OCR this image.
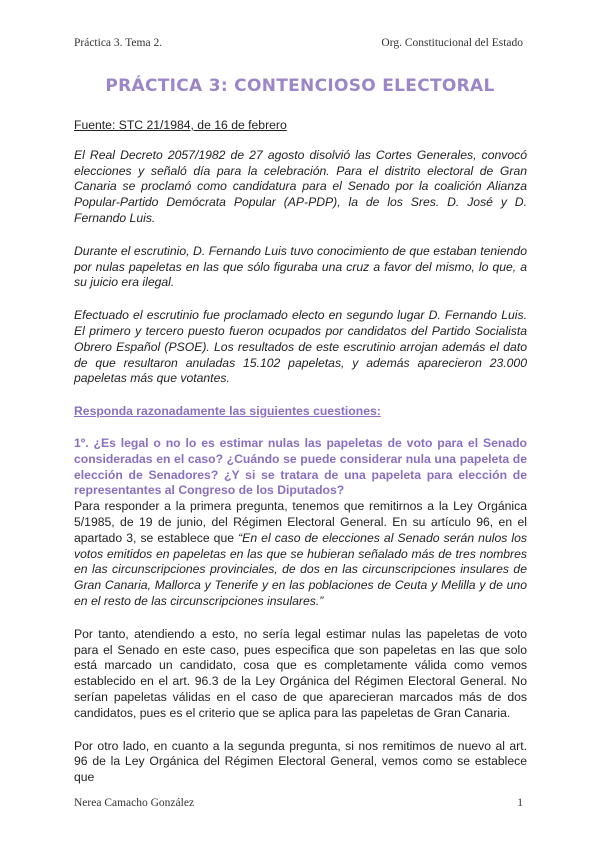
Práctica 3. Tema 2.	Org. Constitucional del Estado
PRÁCTICA 3: CONTENCIOSO ELECTORAL

Fuente: STC 21/1984, de 16 de febrero

El Real Decreto 2057/1982 de 27 agosto disolvió las Cortes Generales, convocó elecciones y señaló día para la celebración. Para el distrito electoral de Gran Canaria se proclamó como candidatura para el Senado por la coalición Alianza Popular-Partido Demócrata Popular (AP-PDP), la de los Sres. D. José y D. Fernando Luis.

Durante el escrutinio, D. Fernando Luis tuvo conocimiento de que estaban teniendo por nulas papeletas en las que sólo figuraba una cruz a favor del mismo, lo que, a su juicio era ilegal.

Efectuado el escrutinio fue proclamado electo en segundo lugar D. Fernando Luis. El primero y tercero puesto fueron ocupados por candidatos del Partido Socialista Obrero Español (PSOE). Los resultados de este escrutinio arrojan además el dato de que resultaron anuladas 15.102 papeletas, y además aparecieron 23.000 papeletas más que votantes.

Responda razonadamente las siguientes cuestiones:

1º. ¿Es legal o no lo es estimar nulas las papeletas de voto para el Senado consideradas en el caso? ¿Cuándo se puede considerar nula una papeleta de elección de Senadores? ¿Y si se tratara de una papeleta para elección de representantes al Congreso de los Diputados?

Para responder a la primera pregunta, tenemos que remitirnos a la Ley Orgánica 5/1985, de 19 de junio, del Régimen Electoral General. En su artículo 96, en el apartado 3, se establece que “En el caso de elecciones al Senado serán nulos los votos emitidos en papeletas en las que se hubieran señalado más de tres nombres en las circunscripciones provinciales, de dos en las circunscripciones insulares de Gran Canaria, Mallorca y Tenerife y en las poblaciones de Ceuta y Melilla y de uno en el resto de las circunscripciones insulares.”

Por tanto, atendiendo a esto, no sería legal estimar nulas las papeletas de voto para el Senado en este caso, pues especifica que son papeletas en las que solo está marcado un candidato, cosa que es completamente válida como vemos establecido en el art. 96.3 de la Ley Orgánica del Régimen Electoral General. No serían papeletas válidas en el caso de que aparecieran marcados más de dos candidatos, pues es el criterio que se aplica para las papeletas de Gran Canaria.

Por otro lado, en cuanto a la segunda pregunta, si nos remitimos de nuevo al art. 96 de la Ley Orgánica del Régimen Electoral General, vemos como se establece que

Nerea Camacho González	1
